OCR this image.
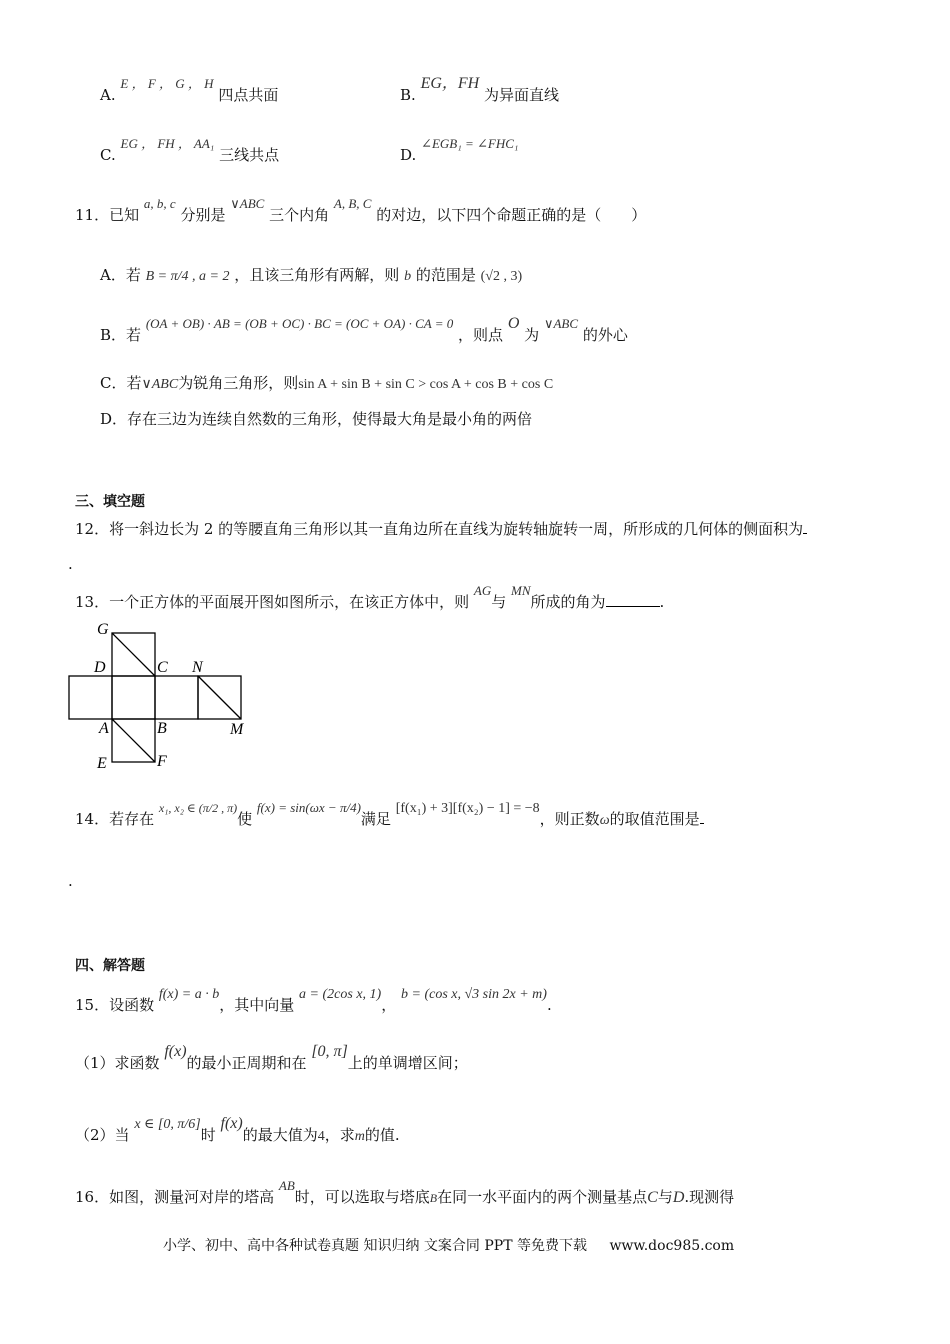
A. E ， F ， G ， H 四点共面	B. EG，FH 为异面直线
C. EG ， FH ， AA₁ 三线共点	D. ∠EGB₁ = ∠FHC₁
11．已知 a, b, c 分别是 ∨ABC 三个内角 A, B, C 的对边，以下四个命题正确的是（　　）
A．若 B = π/4 , a = 2 ，且该三角形有两解，则 b 的范围是 (√2 , 3)
B．若 (OA + OB) · AB = (OB + OC) · BC = (OC + OA) · CA = 0 ，则点 O 为 ∨ABC 的外心
C．若∨ABC为锐角三角形，则sin A + sin B + sin C > cos A + cos B + cos C
D．存在三边为连续自然数的三角形，使得最大角是最小角的两倍
三、填空题
12．将一斜边长为 2 的等腰直角三角形以其一直角边所在直线为旋转轴旋转一周，所形成的几何体的侧面积为
.
13．一个正方体的平面展开图如图所示，在该正方体中，则 AG与 MN所成的角为	.
G
D	C N
A	B	M
E	F
14．若存在 $^{x_1, x_2 \in (\pi/2 , \pi)}$使 f(x) = sin(ωx − π/4)满足 [f(x₁) + 3][f(x₂) − 1] = −8，则正数ω的取值范围是
.
四、解答题
15．设函数 f(x) = a · b，其中向量 a = (2cos x, 1)， b = (cos x, √3 sin 2x + m).
（1）求函数 f(x)的最小正周期和在 [0, π]上的单调增区间；
（2）当 x ∈ [0, π/6]时 f(x)的最大值为4，求m的值.
16．如图，测量河对岸的塔高 AB时，可以选取与塔底B在同一水平面内的两个测量基点C与D.现测得
小学、初中、高中各种试卷真题 知识归纳 文案合同 PPT 等免费下载 www.doc985.com
